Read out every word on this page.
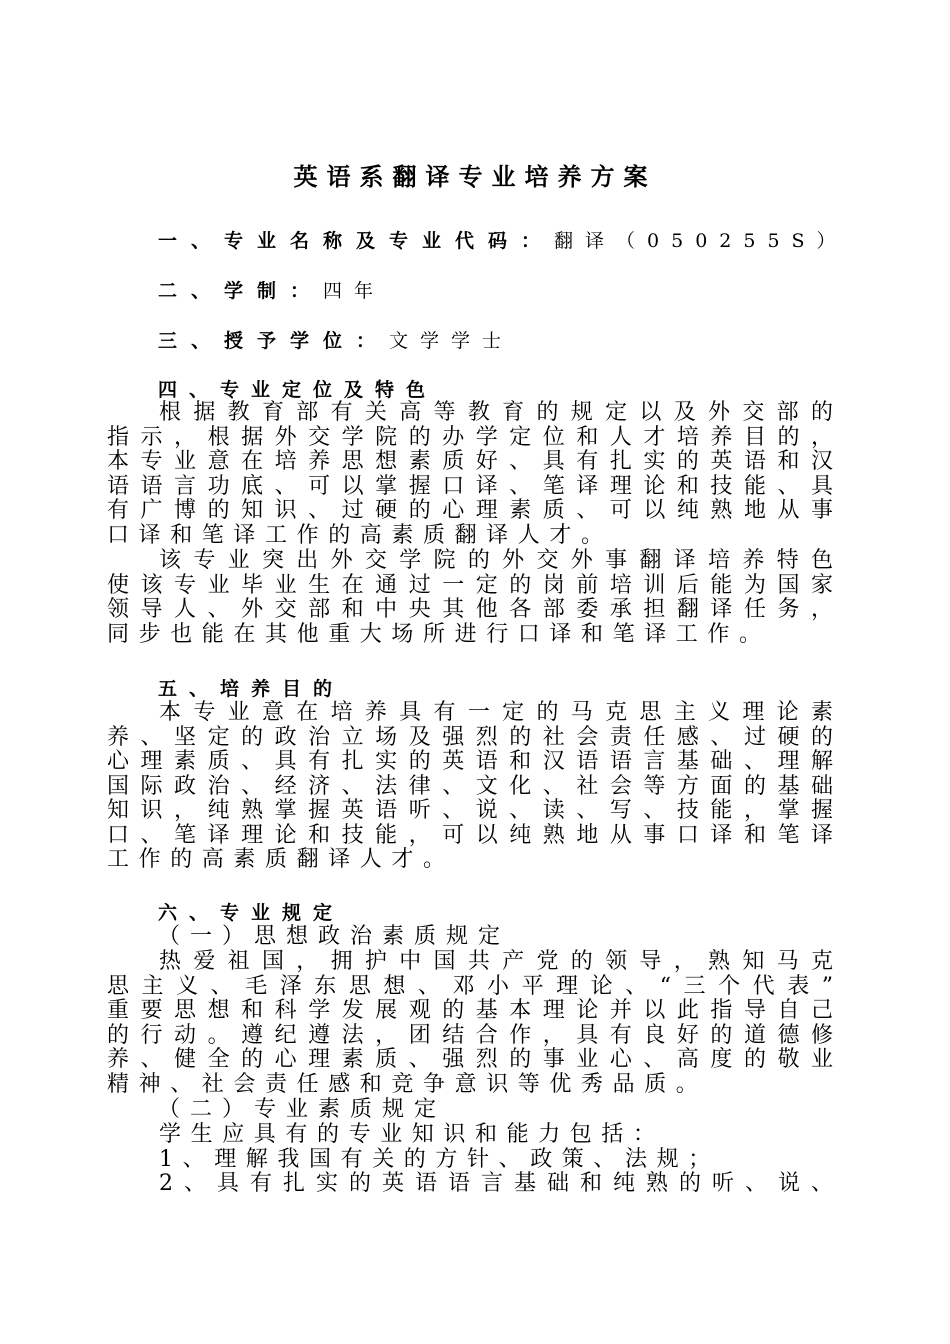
英语系翻译专业培养方案
一、专业名称及专业代码：翻译（050255S）
二、学制：四年
三、授予学位：文学学士
四、专业定位及特色
根据教育部有关高等教育的规定以及外交部的
指示，根据外交学院的办学定位和人才培养目的，
本专业意在培养思想素质好、具有扎实的英语和汉
语语言功底、可以掌握口译、笔译理论和技能、具
有广博的知识、过硬的心理素质、可以纯熟地从事
口译和笔译工作的高素质翻译人才。
该专业突出外交学院的外交外事翻译培养特色
使该专业毕业生在通过一定的岗前培训后能为国家
领导人、外交部和中央其他各部委承担翻译任务，
同步也能在其他重大场所进行口译和笔译工作。
五、培养目的
本专业意在培养具有一定的马克思主义理论素
养、坚定的政治立场及强烈的社会责任感、过硬的
心理素质、具有扎实的英语和汉语语言基础、理解
国际政治、经济、法律、文化、社会等方面的基础
知识，纯熟掌握英语听、说、读、写、技能，掌握
口、笔译理论和技能，可以纯熟地从事口译和笔译
工作的高素质翻译人才。
六、专业规定
（一）思想政治素质规定
热爱祖国，拥护中国共产党的领导，熟知马克
思主义、毛泽东思想、邓小平理论、“三个代表”
重要思想和科学发展观的基本理论并以此指导自己
的行动。遵纪遵法，团结合作，具有良好的道德修
养、健全的心理素质、强烈的事业心、高度的敬业
精神、社会责任感和竞争意识等优秀品质。
（二）专业素质规定
学生应具有的专业知识和能力包括：
1、理解我国有关的方针、政策、法规；
2、具有扎实的英语语言基础和纯熟的听、说、
